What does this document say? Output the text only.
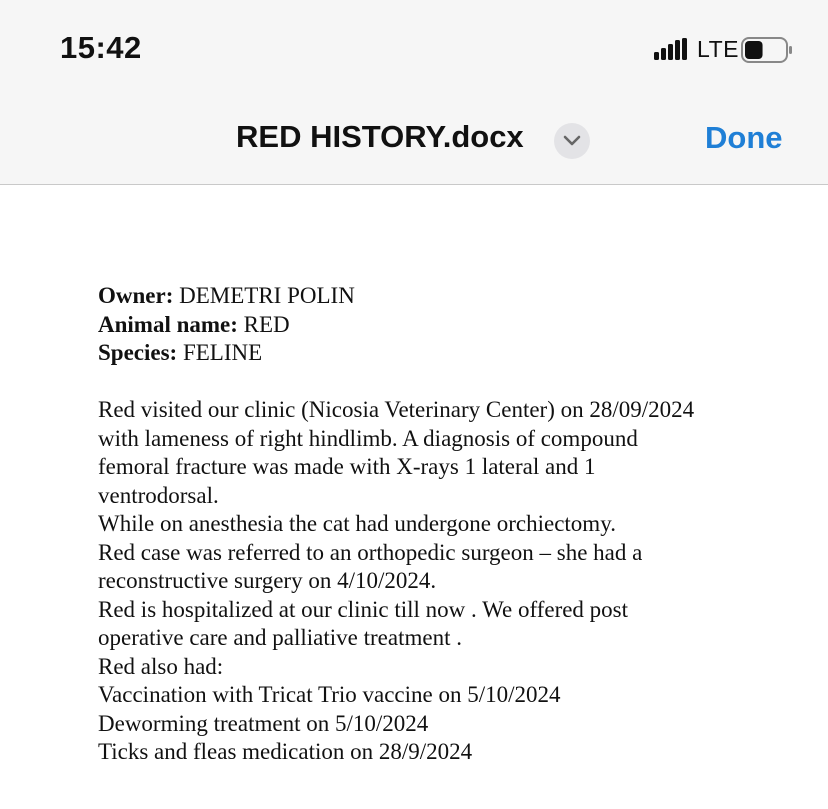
15:42	LTE
RED HISTORY.docx	Done

Owner: DEMETRI POLIN

Animal name: RED

Species: FELINE

Red visited our clinic (Nicosia Veterinary Center) on 28/09/2024

with lameness of right hindlimb. A diagnosis of compound

femoral fracture was made with X-rays 1 lateral and 1

ventrodorsal.

While on anesthesia the cat had undergone orchiectomy.

Red case was referred to an orthopedic surgeon – she had a

reconstructive surgery on 4/10/2024.

Red is hospitalized at our clinic till now . We offered post

operative care and palliative treatment .

Red also had:

Vaccination with Tricat Trio vaccine on 5/10/2024

Deworming treatment on 5/10/2024

Ticks and fleas medication on 28/9/2024
